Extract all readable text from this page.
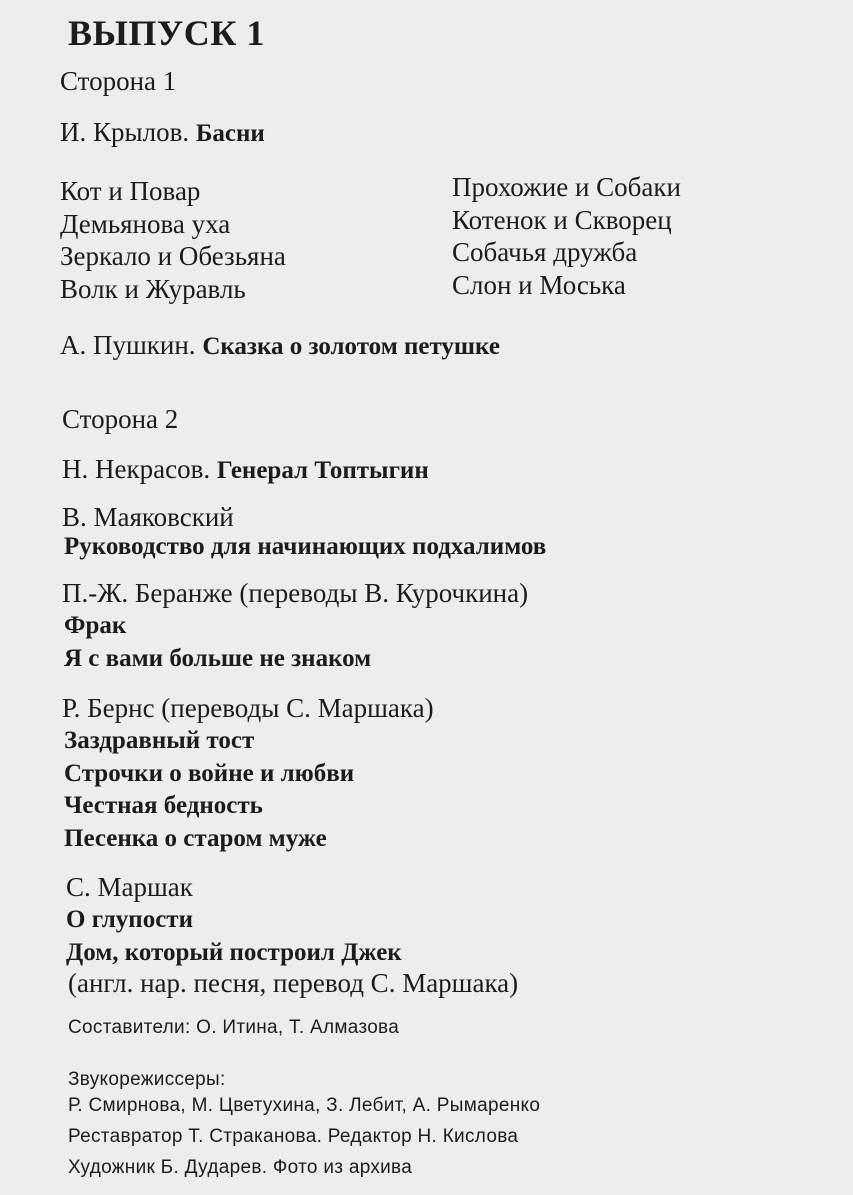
ВЫПУСК 1
Сторона 1
И. Крылов. Басни
Кот и Повар
Демьянова уха
Зеркало и Обезьяна
Волк и Журавль
Прохожие и Собаки
Котенок и Скворец
Собачья дружба
Слон и Моська
А. Пушкин. Сказка о золотом петушке
Сторона 2
Н. Некрасов. Генерал Топтыгин
В. Маяковский
Руководство для начинающих подхалимов
П.-Ж. Беранже (переводы В. Курочкина)
Фрак
Я с вами больше не знаком
Р. Бернс (переводы С. Маршака)
Заздравный тост
Строчки о войне и любви
Честная бедность
Песенка о старом муже
С. Маршак
О глупости
Дом, который построил Джек
(англ. нар. песня, перевод С. Маршака)
Составители: О. Итина, Т. Алмазова
Звукорежиссеры:
Р. Смирнова, М. Цветухина, З. Лебит, А. Рымаренко
Реставратор Т. Страканова. Редактор Н. Кислова
Художник Б. Дударев. Фото из архива
